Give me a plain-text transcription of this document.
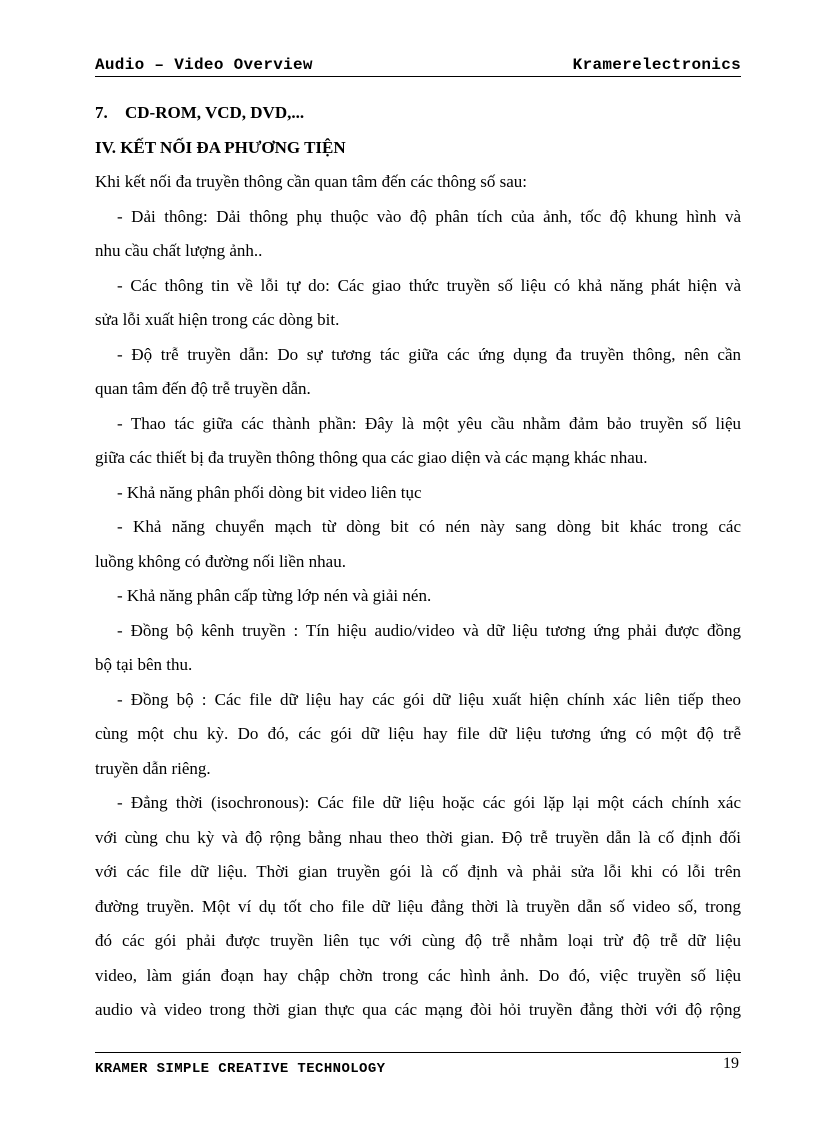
Audio – Video Overview	Kramerelectronics
7. CD-ROM, VCD, DVD,...
IV. KẾT NỐI ĐA PHƯƠNG TIỆN
Khi kết nối đa truyền thông cần quan tâm đến các thông số sau:
- Dải thông: Dải thông phụ thuộc vào độ phân tích của ảnh, tốc độ khung hình và
nhu cầu chất lượng ảnh..
- Các thông tin về lỗi tự do: Các giao thức truyền số liệu có khả năng phát hiện và
sửa lỗi xuất hiện trong các dòng bit.
- Độ trễ truyền dẫn: Do sự tương tác giữa các ứng dụng đa truyền thông, nên cần
quan tâm đến độ trễ truyền dẫn.
- Thao tác giữa các thành phần: Đây là một yêu cầu nhằm đảm bảo truyền số liệu
giữa các thiết bị đa truyền thông thông qua các giao diện và các mạng khác nhau.
- Khả năng phân phối dòng bit video liên tục
- Khả năng chuyển mạch từ dòng bit có nén này sang dòng bit khác trong các
luồng không có đường nối liền nhau.
- Khả năng phân cấp từng lớp nén và giải nén.
- Đồng bộ kênh truyền : Tín hiệu audio/video và dữ liệu tương ứng phải được đồng
bộ tại bên thu.
- Đồng bộ : Các file dữ liệu hay các gói dữ liệu xuất hiện chính xác liên tiếp theo
cùng một chu kỳ. Do đó, các gói dữ liệu hay file dữ liệu tương ứng có một độ trễ
truyền dẫn riêng.
- Đẳng thời (isochronous): Các file dữ liệu hoặc các gói lặp lại một cách chính xác
với cùng chu kỳ và độ rộng bằng nhau theo thời gian. Độ trễ truyền dẫn là cố định đối
với các file dữ liệu. Thời gian truyền gói là cố định và phải sửa lỗi khi có lỗi trên
đường truyền. Một ví dụ tốt cho file dữ liệu đẳng thời là truyền dẫn số video số, trong
đó các gói phải được truyền liên tục với cùng độ trễ nhằm loại trừ độ trễ dữ liệu
video, làm gián đoạn hay chập chờn trong các hình ảnh. Do đó, việc truyền số liệu
audio và video trong thời gian thực qua các mạng đòi hỏi truyền đẳng thời với độ rộng
KRAMER SIMPLE CREATIVE TECHNOLOGY	19
